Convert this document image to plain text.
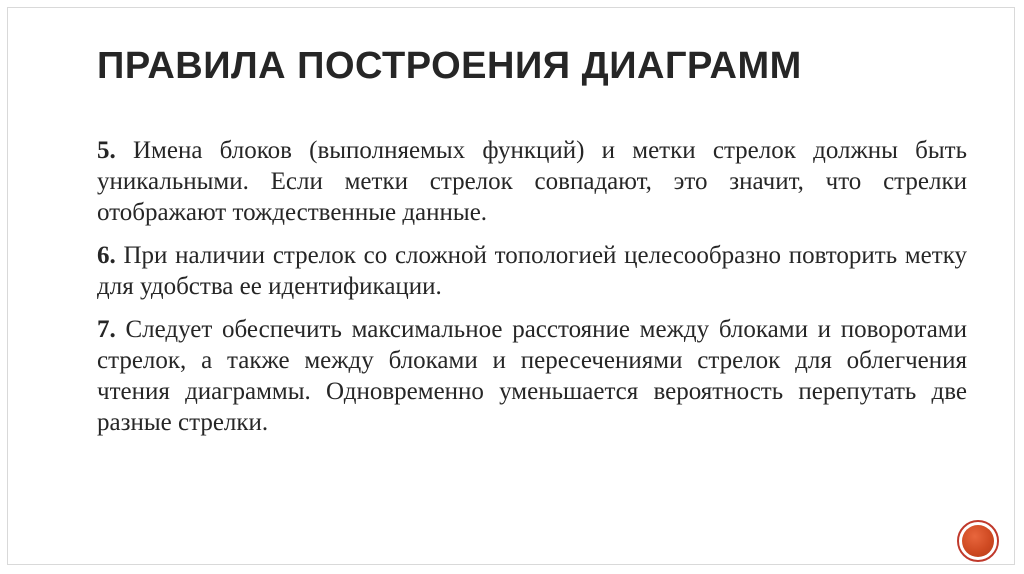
ПРАВИЛА ПОСТРОЕНИЯ ДИАГРАММ

5. Имена блоков (выполняемых функций) и метки стрелок должны быть уникальными. Если метки стрелок совпадают, это значит, что стрелки отображают тождественные данные.

6. При наличии стрелок со сложной топологией целесообразно повторить метку для удобства ее идентификации.

7. Следует обеспечить максимальное расстояние между блоками и поворотами стрелок, а также между блоками и пересечениями стрелок для облегчения чтения диаграммы. Одновременно уменьшается вероятность перепутать две разные стрелки.
